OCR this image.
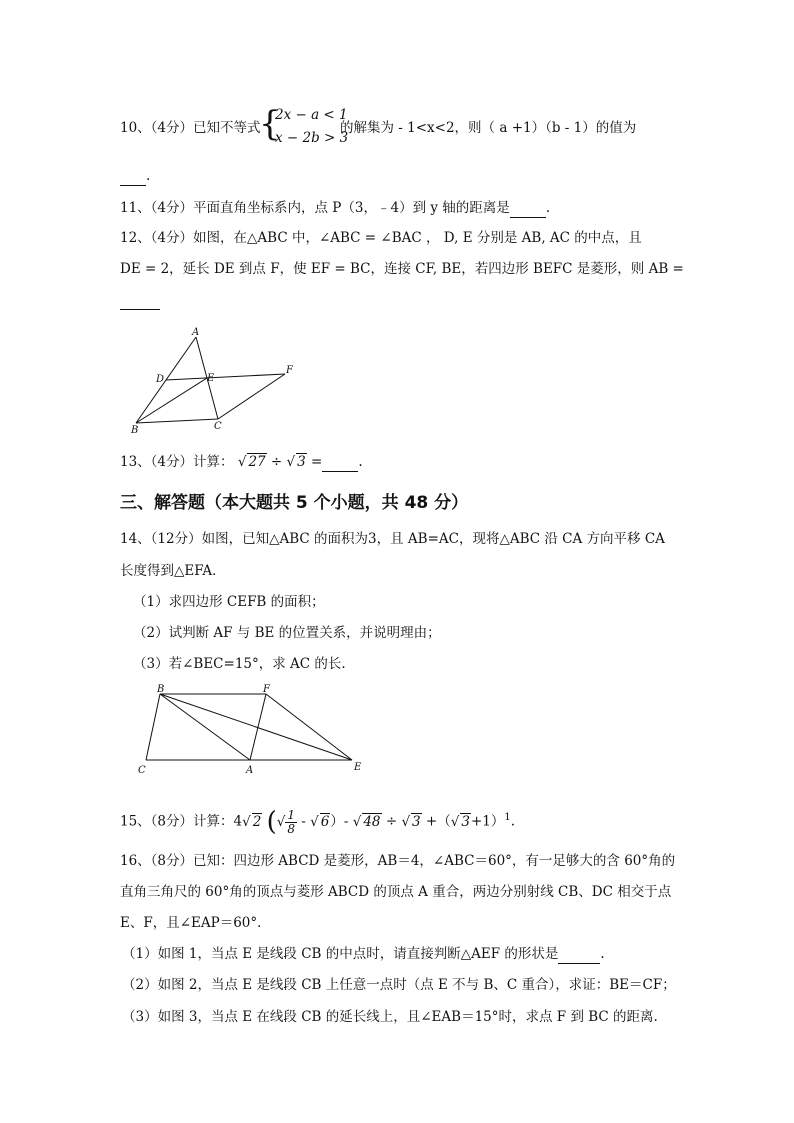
10、（4分）已知不等式
{
2x − a < 1
x − 2b > 3
的解集为 - 1<x<2，则（ a +1）（b - 1）的值为
.
11、（4分）平面直角坐标系内，点 P（3，﹣4）到 y 轴的距离是	.
12、（4分）如图，在△ABC 中，∠ABC = ∠BAC ， D, E 分别是 AB, AC 的中点，且
DE = 2，延长 DE 到点 F，使 EF = BC，连接 CF, BE，若四边形 BEFC 是菱形，则 AB =
A
D	E
F
B	C
13、（4分）计算： √ 27 ÷ √ 3 =	.
三、解答题（本大题共 5 个小题，共 48 分）
14、（12分）如图，已知△ABC 的面积为3，且 AB=AC，现将△ABC 沿 CA 方向平移 CA
长度得到△EFA．
（1）求四边形 CEFB 的面积；
（2）试判断 AF 与 BE 的位置关系，并说明理由；
（3）若∠BEC=15°，求 AC 的长.
B	F
C	A	E
15、（8分）计算：4√ 2 (√ $\frac{1}{8}$ - √ 6）- √ 48 ÷ √ 3 +（√ 3+1）$^1$.
16、（8分）已知：四边形 ABCD 是菱形，AB＝4，∠ABC＝60°，有一足够大的含 60°角的
直角三角尺的 60°角的顶点与菱形 ABCD 的顶点 A 重合，两边分别射线 CB、DC 相交于点
E、F，且∠EAP＝60°．
（1）如图 1，当点 E 是线段 CB 的中点时，请直接判断△AEF 的形状是	.
（2）如图 2，当点 E 是线段 CB 上任意一点时（点 E 不与 B、C 重合），求证：BE＝CF；
（3）如图 3，当点 E 在线段 CB 的延长线上，且∠EAB＝15°时，求点 F 到 BC 的距离.
